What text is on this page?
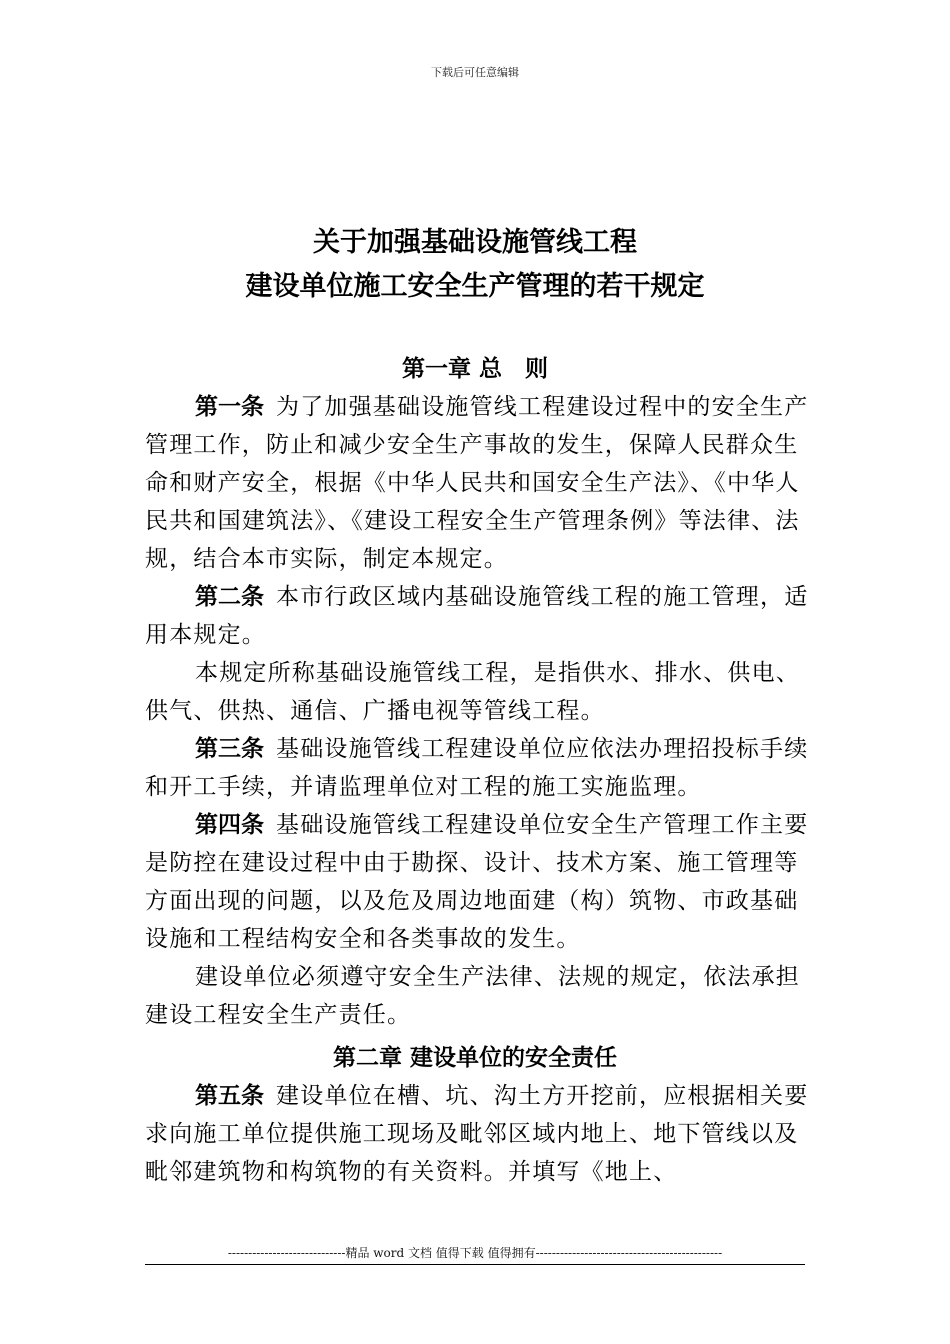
下载后可任意编辑
关于加强基础设施管线工程
建设单位施工安全生产管理的若干规定
第一章 总　则

第一条 为了加强基础设施管线工程建设过程中的安全生产管理工作，防止和减少安全生产事故的发生，保障人民群众生命和财产安全，根据《中华人民共和国安全生产法》、《中华人民共和国建筑法》、《建设工程安全生产管理条例》等法律、法规，结合本市实际，制定本规定。

第二条 本市行政区域内基础设施管线工程的施工管理，适用本规定。

本规定所称基础设施管线工程，是指供水、排水、供电、供气、供热、通信、广播电视等管线工程。

第三条 基础设施管线工程建设单位应依法办理招投标手续和开工手续，并请监理单位对工程的施工实施监理。

第四条 基础设施管线工程建设单位安全生产管理工作主要是防控在建设过程中由于勘探、设计、技术方案、施工管理等方面出现的问题，以及危及周边地面建（构）筑物、市政基础设施和工程结构安全和各类事故的发生。

建设单位必须遵守安全生产法律、法规的规定，依法承担建设工程安全生产责任。

第二章 建设单位的安全责任

第五条 建设单位在槽、坑、沟土方开挖前，应根据相关要求向施工单位提供施工现场及毗邻区域内地上、地下管线以及毗邻建筑物和构筑物的有关资料。并填写《地上、

-----------------------------精品 word 文档 值得下载 值得拥有----------------------------------------------
